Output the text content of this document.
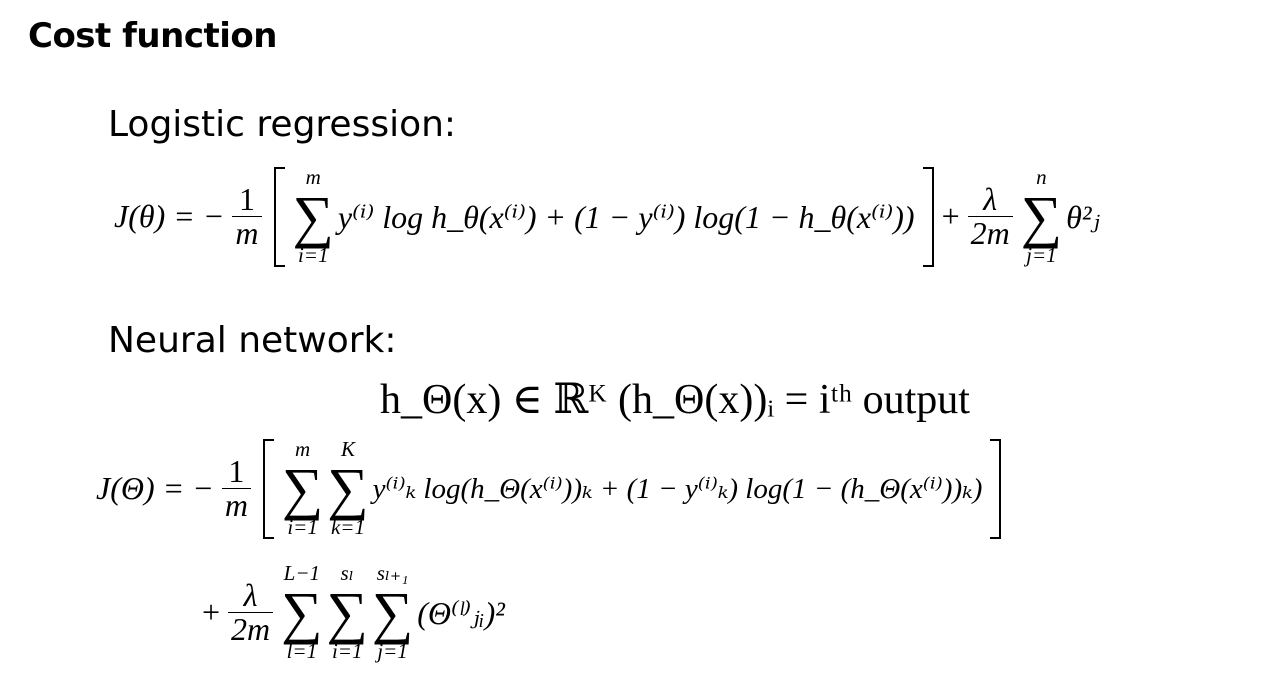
Cost function
Logistic regression:
J(θ) = − $\frac{1}{m}$
m
∑
i=1
y⁽ⁱ⁾ log h_θ(x⁽ⁱ⁾) + (1 − y⁽ⁱ⁾) log(1 − h_θ(x⁽ⁱ⁾)) + $\frac{\lambda}{2m}$
n
∑
j=1
θ²ⱼ
Neural network:
h_Θ(x) ∈ ℝᴷ (h_Θ(x))ᵢ = iᵗʰ output
J(Θ) = − $\frac{1}{m}$
m
∑
i=1
K
∑
k=1
y⁽ⁱ⁾ₖ log(h_Θ(x⁽ⁱ⁾))ₖ + (1 − y⁽ⁱ⁾ₖ) log(1 − (h_Θ(x⁽ⁱ⁾))ₖ)
+ $\frac{\lambda}{2m}$
L−1
∑
l=1
sₗ
∑
i=1
sₗ₊₁
∑
j=1
(Θ⁽ˡ⁾ⱼᵢ)²
